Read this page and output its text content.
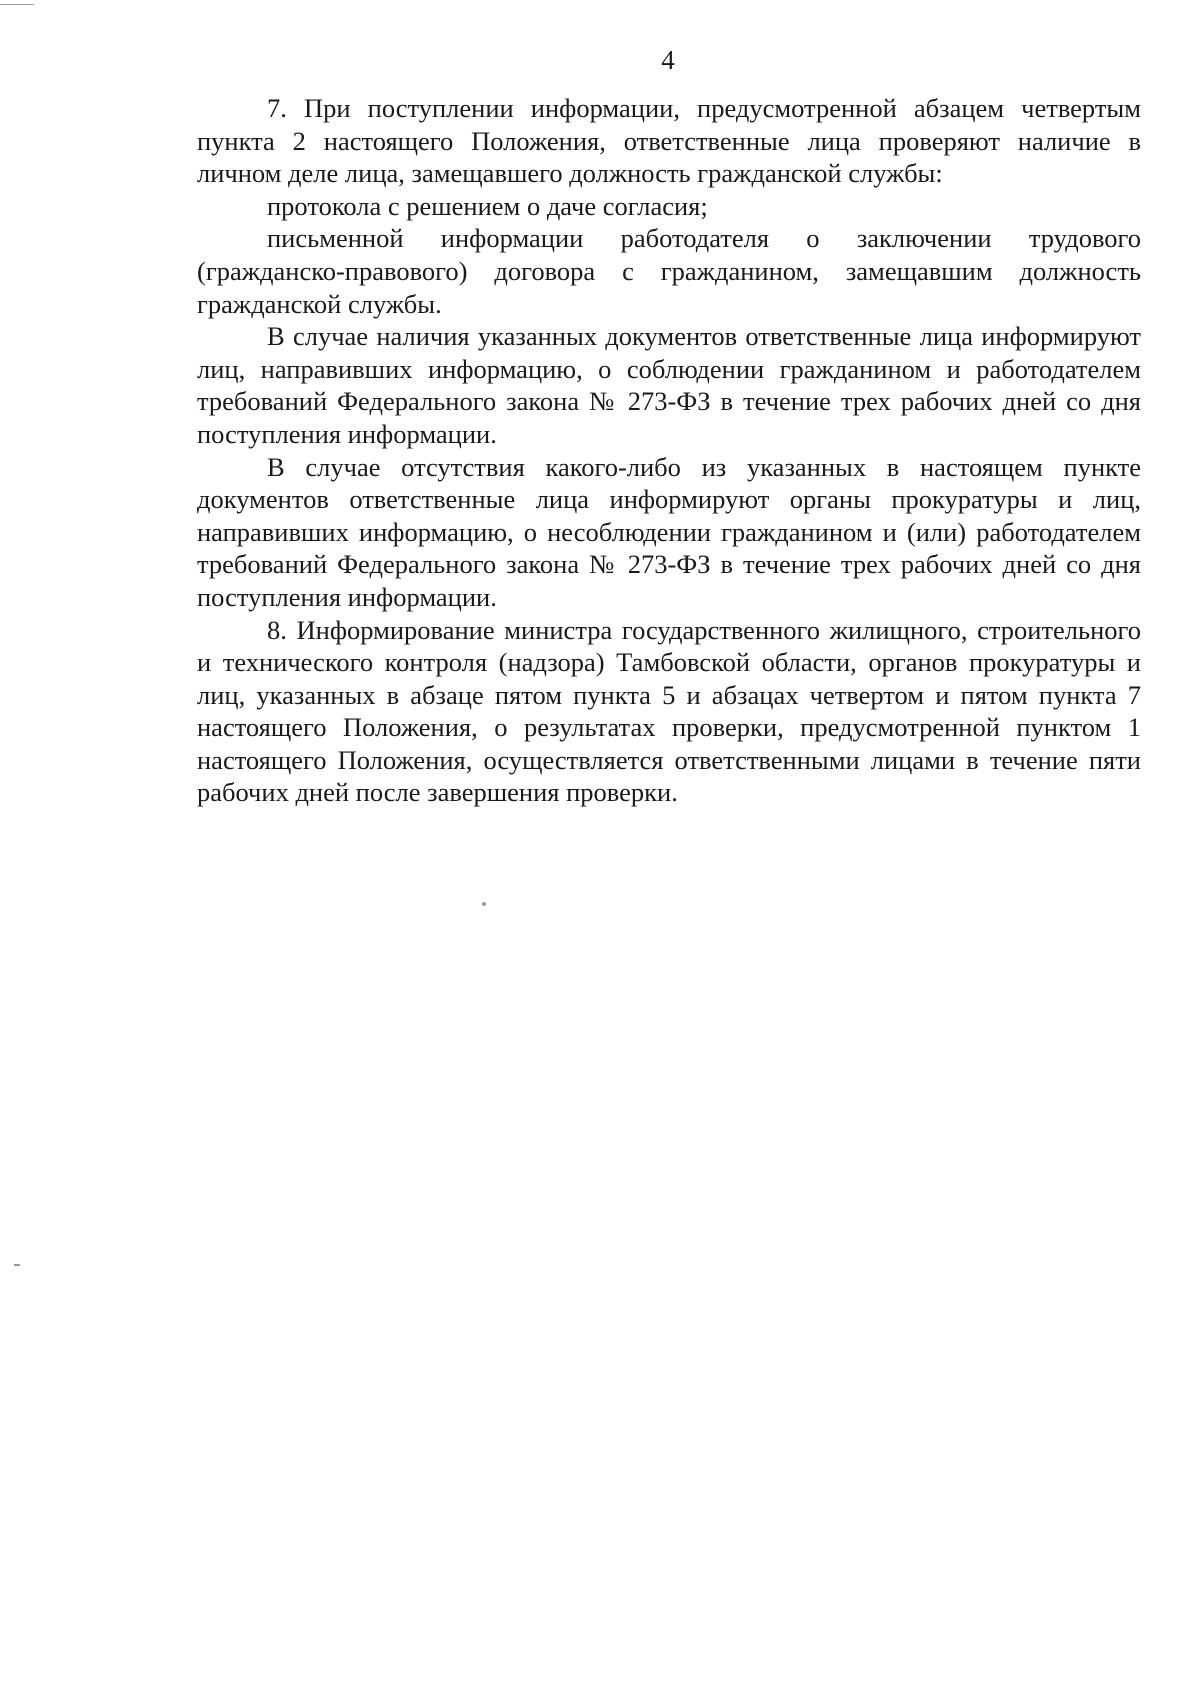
4

7. При поступлении информации, предусмотренной абзацем четвертым пункта 2 настоящего Положения, ответственные лица проверяют наличие в личном деле лица, замещавшего должность гражданской службы:

протокола с решением о даче согласия;

письменной информации работодателя о заключении трудового (гражданско-правового) договора с гражданином, замещавшим должность гражданской службы.

В случае наличия указанных документов ответственные лица информируют лиц, направивших информацию, о соблюдении гражданином и работодателем требований Федерального закона № 273-ФЗ в течение трех рабочих дней со дня поступления информации.

В случае отсутствия какого-либо из указанных в настоящем пункте документов ответственные лица информируют органы прокуратуры и лиц, направивших информацию, о несоблюдении гражданином и (или) работодателем требований Федерального закона № 273-ФЗ в течение трех рабочих дней со дня поступления информации.

8. Информирование министра государственного жилищного, строительного и технического контроля (надзора) Тамбовской области, органов прокуратуры и лиц, указанных в абзаце пятом пункта 5 и абзацах четвертом и пятом пункта 7 настоящего Положения, о результатах проверки, предусмотренной пунктом 1 настоящего Положения, осуществляется ответственными лицами в течение пяти рабочих дней после завершения проверки.
